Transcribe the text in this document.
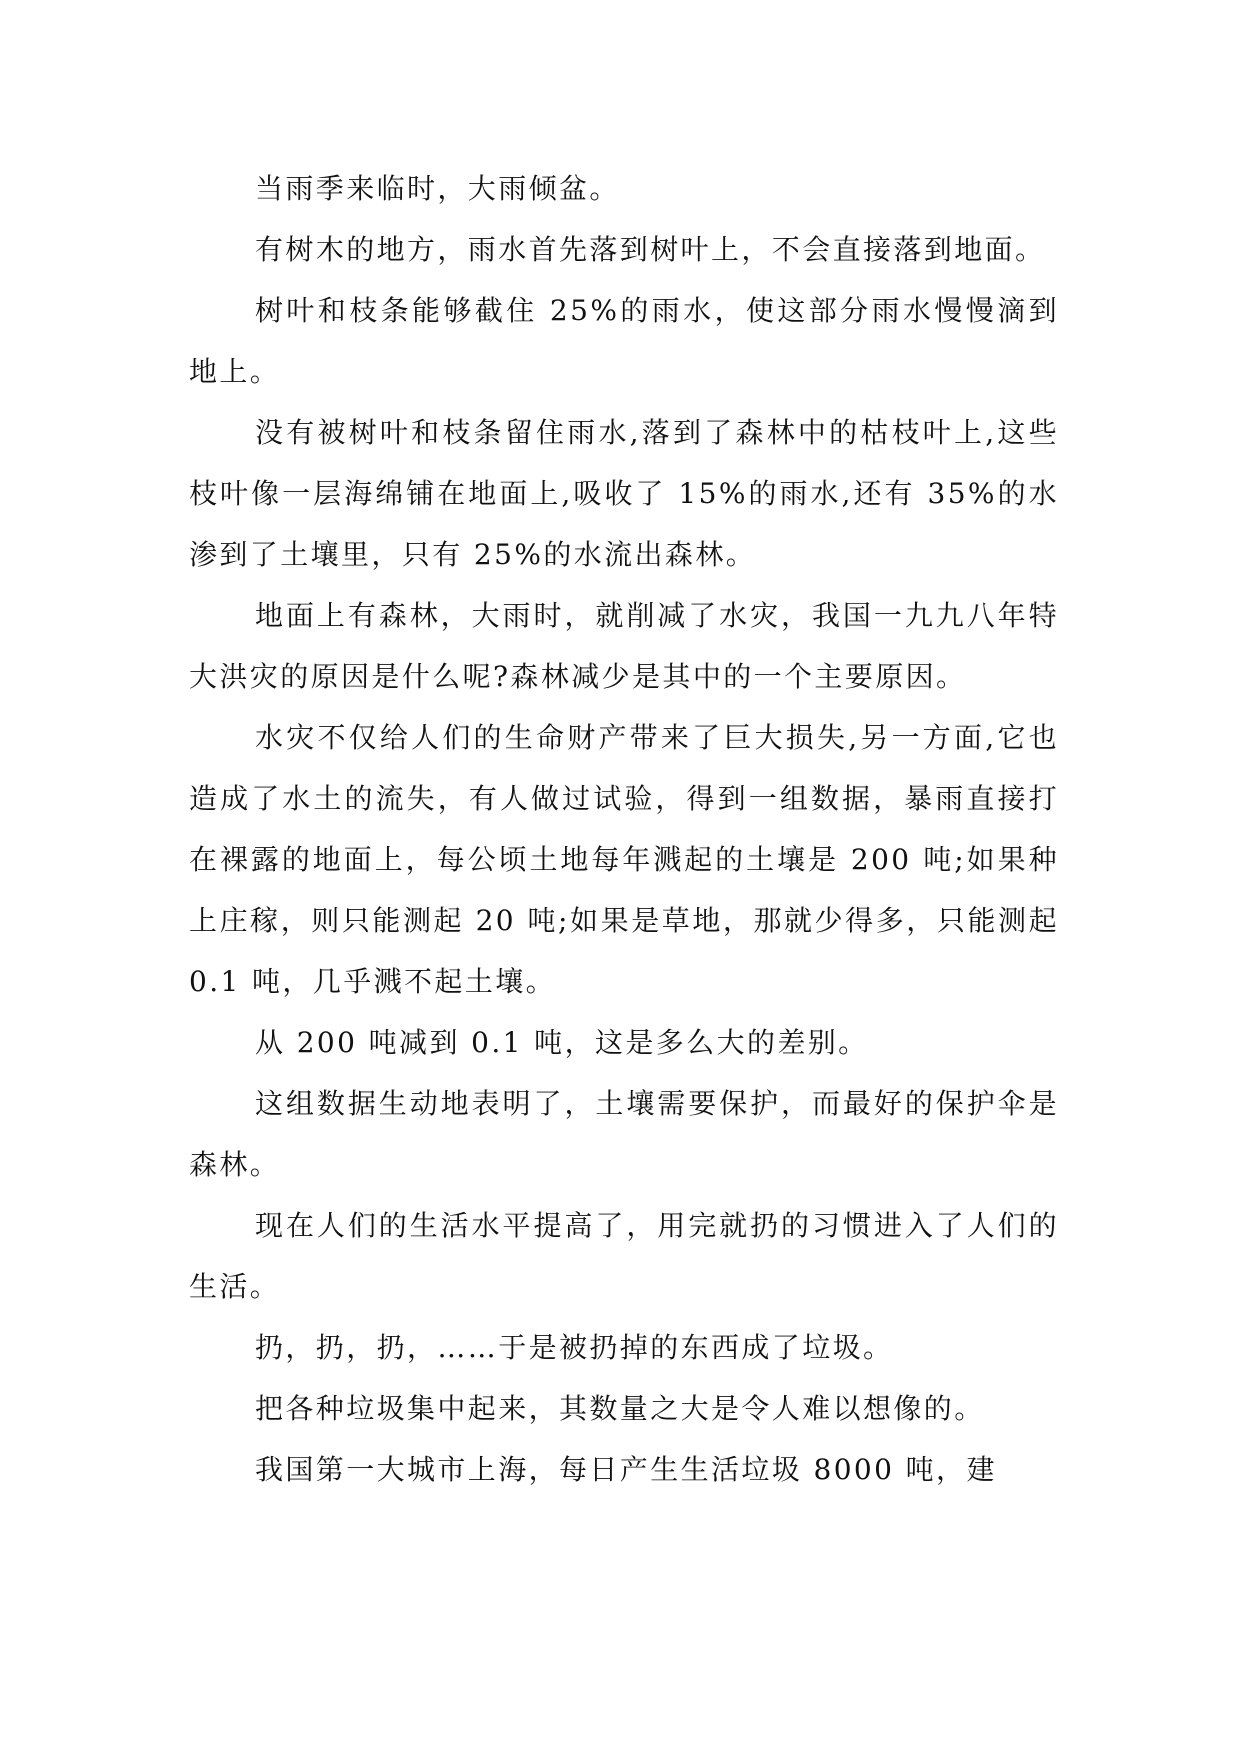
当雨季来临时，大雨倾盆。

有树木的地方，雨水首先落到树叶上，不会直接落到地面。

树叶和枝条能够截住 25%的雨水，使这部分雨水慢慢滴到地上。

没有被树叶和枝条留住雨水,落到了森林中的枯枝叶上,这些枝叶像一层海绵铺在地面上,吸收了 15%的雨水,还有 35%的水渗到了土壤里，只有 25%的水流出森林。

地面上有森林，大雨时，就削减了水灾，我国一九九八年特大洪灾的原因是什么呢?森林减少是其中的一个主要原因。

水灾不仅给人们的生命财产带来了巨大损失,另一方面,它也造成了水土的流失，有人做过试验，得到一组数据，暴雨直接打在裸露的地面上，每公顷土地每年溅起的土壤是 200 吨;如果种上庄稼，则只能测起 20 吨;如果是草地，那就少得多，只能测起 0.1 吨，几乎溅不起土壤。

从 200 吨减到 0.1 吨，这是多么大的差别。

这组数据生动地表明了，土壤需要保护，而最好的保护伞是森林。

现在人们的生活水平提高了，用完就扔的习惯进入了人们的生活。

扔，扔，扔，……于是被扔掉的东西成了垃圾。

把各种垃圾集中起来，其数量之大是令人难以想像的。

我国第一大城市上海，每日产生生活垃圾 8000 吨，建
